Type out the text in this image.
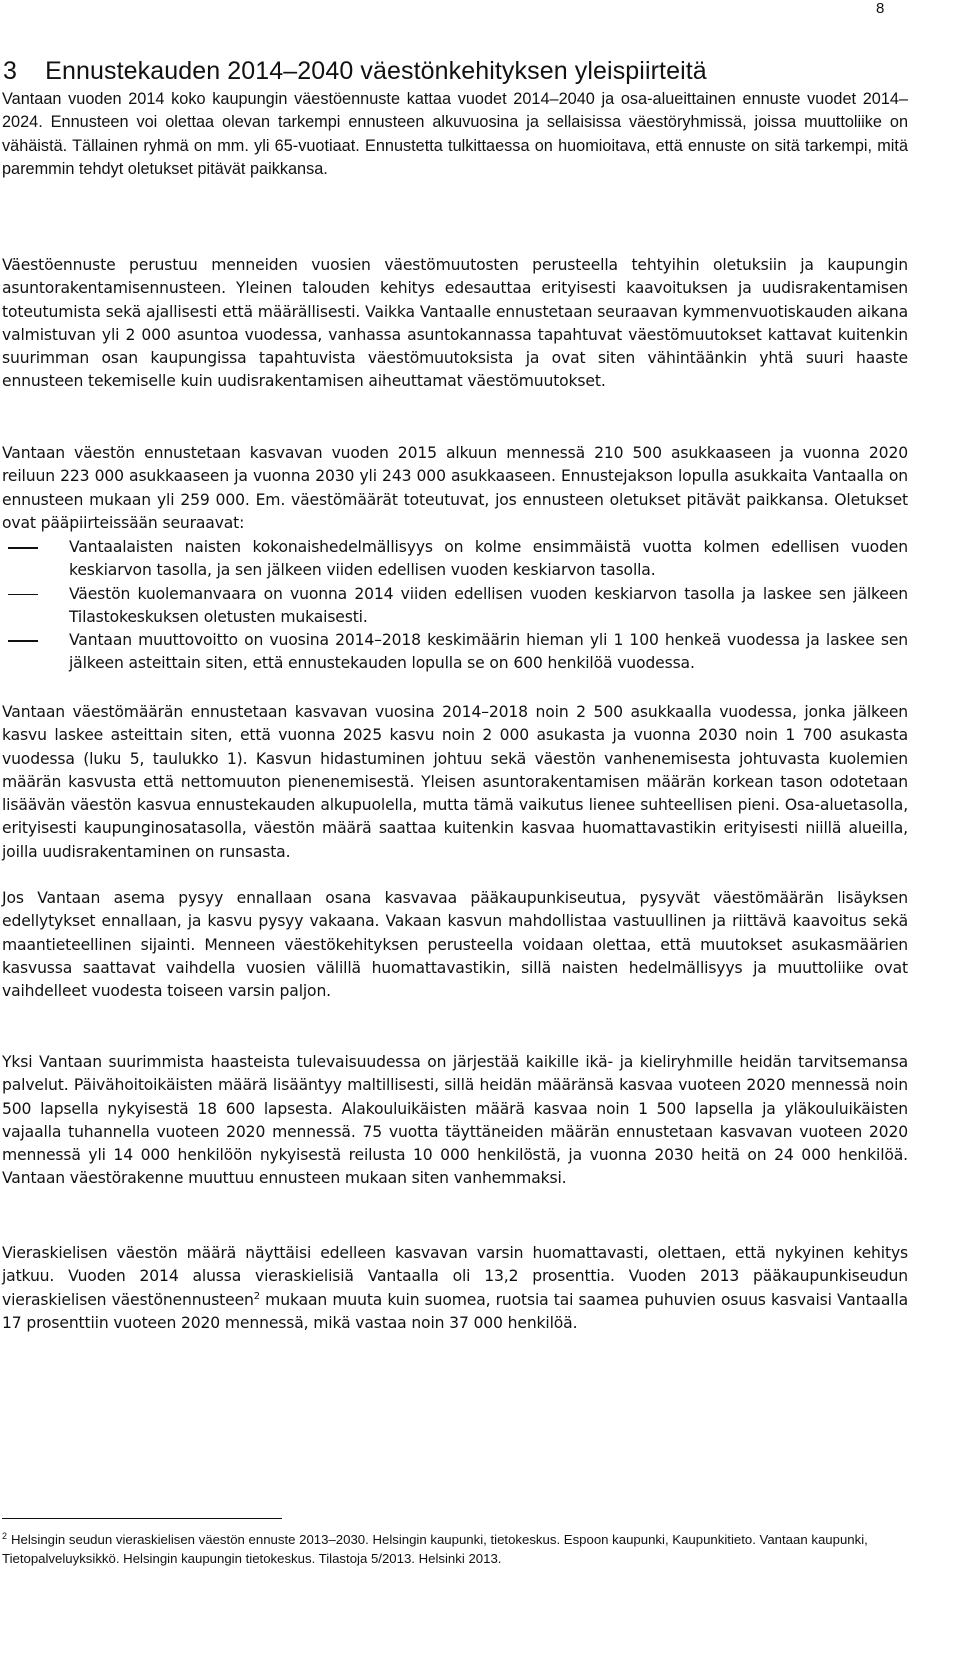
8
3    Ennustekauden 2014–2040 väestönkehityksen yleispiirteitä

Vantaan vuoden 2014 koko kaupungin väestöennuste kattaa vuodet 2014–2040 ja osa-alueittainen ennuste vuodet 2014–2024. Ennusteen voi olettaa olevan tarkempi ennusteen alkuvuosina ja sellaisissa väestöryhmissä, joissa muuttoliike on vähäistä. Tällainen ryhmä on mm. yli 65-vuotiaat. Ennustetta tulkittaessa on huomioitava, että ennuste on sitä tarkempi, mitä paremmin tehdyt oletukset pitävät paikkansa.

Väestöennuste perustuu menneiden vuosien väestömuutosten perusteella tehtyihin oletuksiin ja kaupungin asuntorakentamisennusteen. Yleinen talouden kehitys edesauttaa erityisesti kaavoituksen ja uudisrakentamisen toteutumista sekä ajallisesti että määrällisesti. Vaikka Vantaalle ennustetaan seuraavan kymmenvuotiskauden aikana valmistuvan yli 2 000 asuntoa vuodessa, vanhassa asuntokannassa tapahtuvat väestömuutokset kattavat kuitenkin suurimman osan kaupungissa tapahtuvista väestömuutoksista ja ovat siten vähintäänkin yhtä suuri haaste ennusteen tekemiselle kuin uudisrakentamisen aiheuttamat väestömuutokset.

Vantaan väestön ennustetaan kasvavan vuoden 2015 alkuun mennessä 210 500 asukkaaseen ja vuonna 2020 reiluun 223 000 asukkaaseen ja vuonna 2030 yli 243 000 asukkaaseen. Ennustejakson lopulla asukkaita Vantaalla on ennusteen mukaan yli 259 000. Em. väestömäärät toteutuvat, jos ennusteen oletukset pitävät paikkansa. Oletukset ovat pääpiirteissään seuraavat:

Vantaalaisten naisten kokonaishedelmällisyys on kolme ensimmäistä vuotta kolmen edellisen vuoden keskiarvon tasolla, ja sen jälkeen viiden edellisen vuoden keskiarvon tasolla.
Väestön kuolemanvaara on vuonna 2014 viiden edellisen vuoden keskiarvon tasolla ja laskee sen jälkeen Tilastokeskuksen oletusten mukaisesti.
Vantaan muuttovoitto on vuosina 2014–2018 keskimäärin hieman yli 1 100 henkeä vuodessa ja laskee sen jälkeen asteittain siten, että ennustekauden lopulla se on 600 henkilöä vuodessa.

Vantaan väestömäärän ennustetaan kasvavan vuosina 2014–2018 noin 2 500 asukkaalla vuodessa, jonka jälkeen kasvu laskee asteittain siten, että vuonna 2025 kasvu noin 2 000 asukasta ja vuonna 2030 noin 1 700 asukasta vuodessa (luku 5, taulukko 1). Kasvun hidastuminen johtuu sekä väestön vanhenemisesta johtuvasta kuolemien määrän kasvusta että nettomuuton pienenemisestä. Yleisen asuntorakentamisen määrän korkean tason odotetaan lisäävän väestön kasvua ennustekauden alkupuolella, mutta tämä vaikutus lienee suhteellisen pieni. Osa-aluetasolla, erityisesti kaupunginosatasolla, väestön määrä saattaa kuitenkin kasvaa huomattavastikin erityisesti niillä alueilla, joilla uudisrakentaminen on runsasta.

Jos Vantaan asema pysyy ennallaan osana kasvavaa pääkaupunkiseutua, pysyvät väestömäärän lisäyksen edellytykset ennallaan, ja kasvu pysyy vakaana. Vakaan kasvun mahdollistaa vastuullinen ja riittävä kaavoitus sekä maantieteellinen sijainti. Menneen väestökehityksen perusteella voidaan olettaa, että muutokset asukasmäärien kasvussa saattavat vaihdella vuosien välillä huomattavastikin, sillä naisten hedelmällisyys ja muuttoliike ovat vaihdelleet vuodesta toiseen varsin paljon.

Yksi Vantaan suurimmista haasteista tulevaisuudessa on järjestää kaikille ikä- ja kieliryhmille heidän tarvitsemansa palvelut. Päivähoitoikäisten määrä lisääntyy maltillisesti, sillä heidän määränsä kasvaa vuoteen 2020 mennessä noin 500 lapsella nykyisestä 18 600 lapsesta. Alakouluikäisten määrä kasvaa noin 1 500 lapsella ja yläkouluikäisten vajaalla tuhannella vuoteen 2020 mennessä. 75 vuotta täyttäneiden määrän ennustetaan kasvavan vuoteen 2020 mennessä yli 14 000 henkilöön nykyisestä reilusta 10 000 henkilöstä, ja vuonna 2030 heitä on 24 000 henkilöä. Vantaan väestörakenne muuttuu ennusteen mukaan siten vanhemmaksi.

Vieraskielisen väestön määrä näyttäisi edelleen kasvavan varsin huomattavasti, olettaen, että nykyinen kehitys jatkuu. Vuoden 2014 alussa vieraskielisiä Vantaalla oli 13,2 prosenttia. Vuoden 2013 pääkaupunkiseudun vieraskielisen väestönennusteen$^2$ mukaan muuta kuin suomea, ruotsia tai saamea puhuvien osuus kasvaisi Vantaalla 17 prosenttiin vuoteen 2020 mennessä, mikä vastaa noin 37 000 henkilöä.

$^2$ Helsingin seudun vieraskielisen väestön ennuste 2013–2030. Helsingin kaupunki, tietokeskus. Espoon kaupunki, Kaupunkitieto. Vantaan kaupunki, Tietopalveluyksikkö. Helsingin kaupungin tietokeskus. Tilastoja 5/2013. Helsinki 2013.
